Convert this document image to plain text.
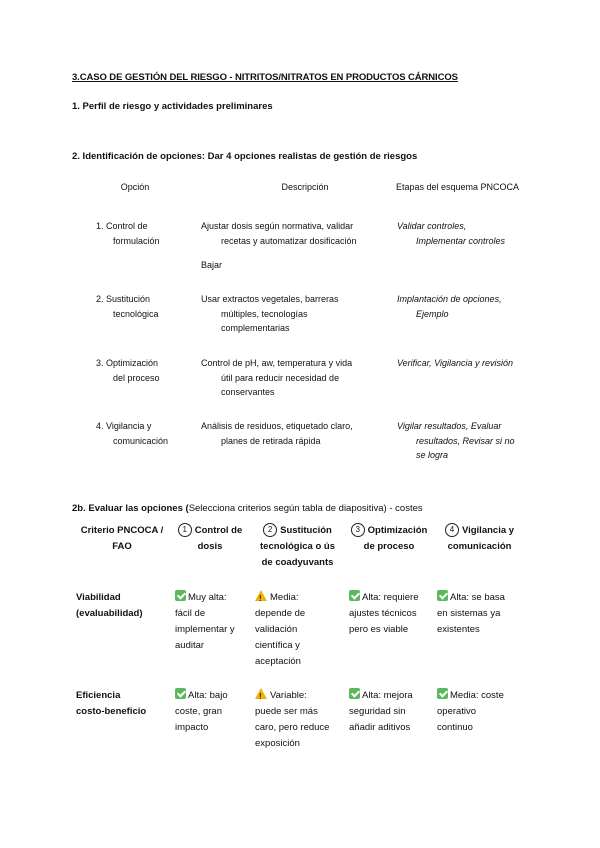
3.CASO DE GESTIÓN DEL RIESGO - NITRITOS/NITRATOS EN PRODUCTOS CÁRNICOS
1. Perfil de riesgo y actividades preliminares
2. Identificación de opciones: Dar 4 opciones realistas de gestión de riesgos
Opción	Descripción	Etapas del esquema PNCOCA
1. Control de
formulación
Ajustar dosis según normativa, validar
recetas y automatizar dosificación
Bajar
Validar controles,
Implementar controles
2. Sustitución
tecnológica
Usar extractos vegetales, barreras
múltiples, tecnologías
complementarias
Implantación de opciones,
Ejemplo
3. Optimización
del proceso
Control de pH, aw, temperatura y vida
útil para reducir necesidad de
conservantes
Verificar, Vigilancia y revisión
4. Vigilancia y
comunicación
Análisis de residuos, etiquetado claro,
planes de retirada rápida
Vigilar resultados, Evaluar
resultados, Revisar si no
se logra
2b. Evaluar las opciones (Selecciona criterios según tabla de diapositiva) - costes
Criterio PNCOCA /
FAO
1 Control de
dosis
2 Sustitución
tecnológica o ús
de coadyuvants
3 Optimización
de proceso
4 Vigilancia y
comunicación
Viabilidad
(evaluabilidad)
Muy alta:
fácil de
implementar y
auditar
!Media:
depende de
validación
científica y
aceptación
Alta: requiere
ajustes técnicos
pero es viable
Alta: se basa
en sistemas ya
existentes
Eficiencia
costo-beneficio
Alta: bajo
coste, gran
impacto
!Variable:
puede ser más
caro, pero reduce
exposición
Alta: mejora
seguridad sin
añadir aditivos
Media: coste
operativo
continuo
